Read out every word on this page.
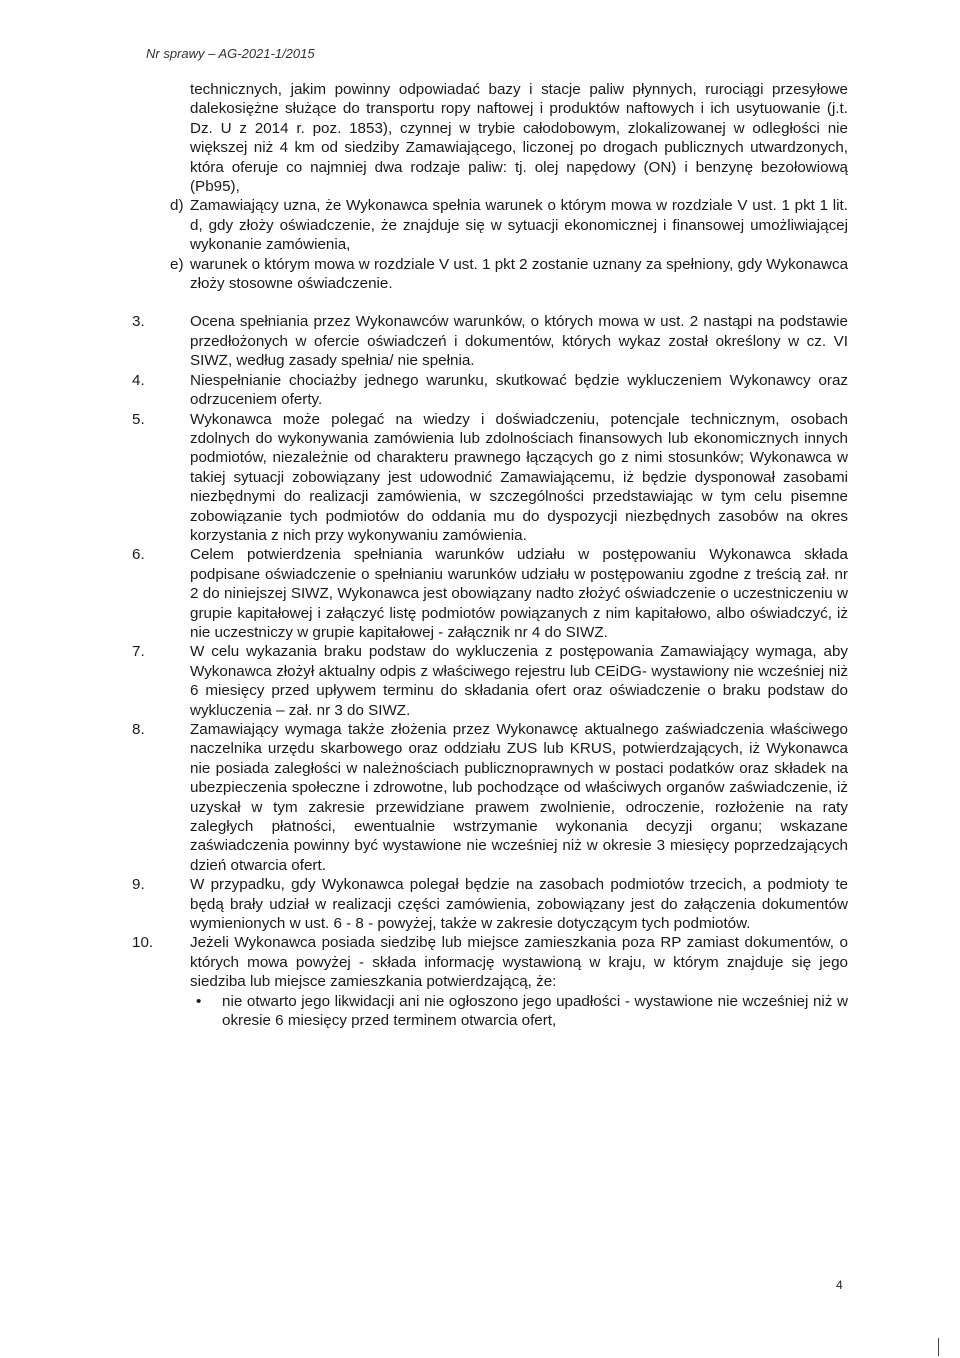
Nr sprawy – AG-2021-1/2015

technicznych, jakim powinny odpowiadać bazy i stacje paliw płynnych, rurociągi przesyłowe dalekosiężne służące do transportu ropy naftowej i produktów naftowych i ich usytuowanie (j.t. Dz. U z 2014 r. poz. 1853), czynnej w trybie całodobowym, zlokalizowanej w odległości nie większej niż 4 km od siedziby Zamawiającego, liczonej po drogach publicznych utwardzonych, która oferuje co najmniej dwa rodzaje paliw: tj. olej napędowy (ON) i benzynę bezołowiową (Pb95),

d) Zamawiający uzna, że Wykonawca spełnia warunek o którym mowa w rozdziale V ust. 1 pkt 1 lit. d, gdy złoży oświadczenie, że znajduje się w sytuacji ekonomicznej i finansowej umożliwiającej wykonanie zamówienia,
e) warunek o którym mowa w rozdziale V ust. 1 pkt 2 zostanie uznany za spełniony, gdy Wykonawca złoży stosowne oświadczenie.
3.	Ocena spełniania przez Wykonawców warunków, o których mowa w ust. 2 nastąpi na podstawie przedłożonych w ofercie oświadczeń i dokumentów, których wykaz został określony w cz. VI SIWZ, według zasady spełnia/ nie spełnia.
4.	Niespełnianie chociażby jednego warunku, skutkować będzie wykluczeniem Wykonawcy oraz odrzuceniem oferty.
5.	Wykonawca może polegać na wiedzy i doświadczeniu, potencjale technicznym, osobach zdolnych do wykonywania zamówienia lub zdolnościach finansowych lub ekonomicznych innych podmiotów, niezależnie od charakteru prawnego łączących go z nimi stosunków; Wykonawca w takiej sytuacji zobowiązany jest udowodnić Zamawiającemu, iż będzie dysponował zasobami niezbędnymi do realizacji zamówienia, w szczególności przedstawiając w tym celu pisemne zobowiązanie tych podmiotów do oddania mu do dyspozycji niezbędnych zasobów na okres korzystania z nich przy wykonywaniu zamówienia.
6.	Celem potwierdzenia spełniania warunków udziału w postępowaniu Wykonawca składa podpisane oświadczenie o spełnianiu warunków udziału w postępowaniu zgodne z treścią zał. nr 2 do niniejszej SIWZ, Wykonawca jest obowiązany nadto złożyć oświadczenie o uczestniczeniu w grupie kapitałowej i załączyć listę podmiotów powiązanych z nim kapitałowo, albo oświadczyć, iż nie uczestniczy w grupie kapitałowej - załącznik nr 4 do SIWZ.
7.	W celu wykazania braku podstaw do wykluczenia z postępowania Zamawiający wymaga, aby Wykonawca złożył aktualny odpis z właściwego rejestru lub CEiDG- wystawiony nie wcześniej niż 6 miesięcy przed upływem terminu do składania ofert oraz oświadczenie o braku podstaw do wykluczenia – zał. nr 3 do SIWZ.
8.	Zamawiający wymaga także złożenia przez Wykonawcę aktualnego zaświadczenia właściwego naczelnika urzędu skarbowego oraz oddziału ZUS lub KRUS, potwierdzających, iż Wykonawca nie posiada zaległości w należnościach publicznoprawnych w postaci podatków oraz składek na ubezpieczenia społeczne i zdrowotne, lub pochodzące od właściwych organów zaświadczenie, iż uzyskał w tym zakresie przewidziane prawem zwolnienie, odroczenie, rozłożenie na raty zaległych płatności, ewentualnie wstrzymanie wykonania decyzji organu; wskazane zaświadczenia powinny być wystawione nie wcześniej niż w okresie 3 miesięcy poprzedzających dzień otwarcia ofert.
9.	W przypadku, gdy Wykonawca polegał będzie na zasobach podmiotów trzecich, a podmioty te będą brały udział w realizacji części zamówienia, zobowiązany jest do załączenia dokumentów wymienionych w ust. 6 - 8 - powyżej, także w zakresie dotyczącym tych podmiotów.
10. Jeżeli Wykonawca posiada siedzibę lub miejsce zamieszkania poza RP zamiast dokumentów, o których mowa powyżej - składa informację wystawioną w kraju, w którym znajduje się jego siedziba lub miejsce zamieszkania potwierdzającą, że:
• nie otwarto jego likwidacji ani nie ogłoszono jego upadłości - wystawione nie wcześniej niż w okresie 6 miesięcy przed terminem otwarcia ofert,
4
